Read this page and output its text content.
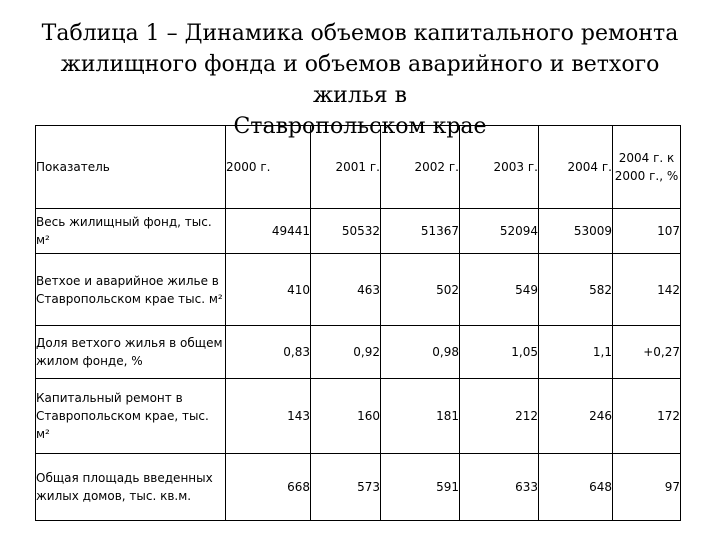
Таблица 1 – Динамика объемов капитального ремонта
жилищного фонда и объемов аварийного и ветхого жилья в
Ставропольском крае
Показатель	2000 г.	2001 г.	2002 г.	2003 г.	2004 г.	2004 г. к 2000 г., %
Весь жилищный фонд, тыс. м²	49441	50532	51367	52094	53009	107
Ветхое и аварийное жилье в Ставропольском крае тыс. м²	410	463	502	549	582	142
Доля ветхого жилья в общем жилом фонде, %	0,83	0,92	0,98	1,05	1,1	+0,27
Капитальный ремонт в Ставропольском крае, тыс. м²	143	160	181	212	246	172
Общая площадь введенных жилых домов, тыс. кв.м.	668	573	591	633	648	97
